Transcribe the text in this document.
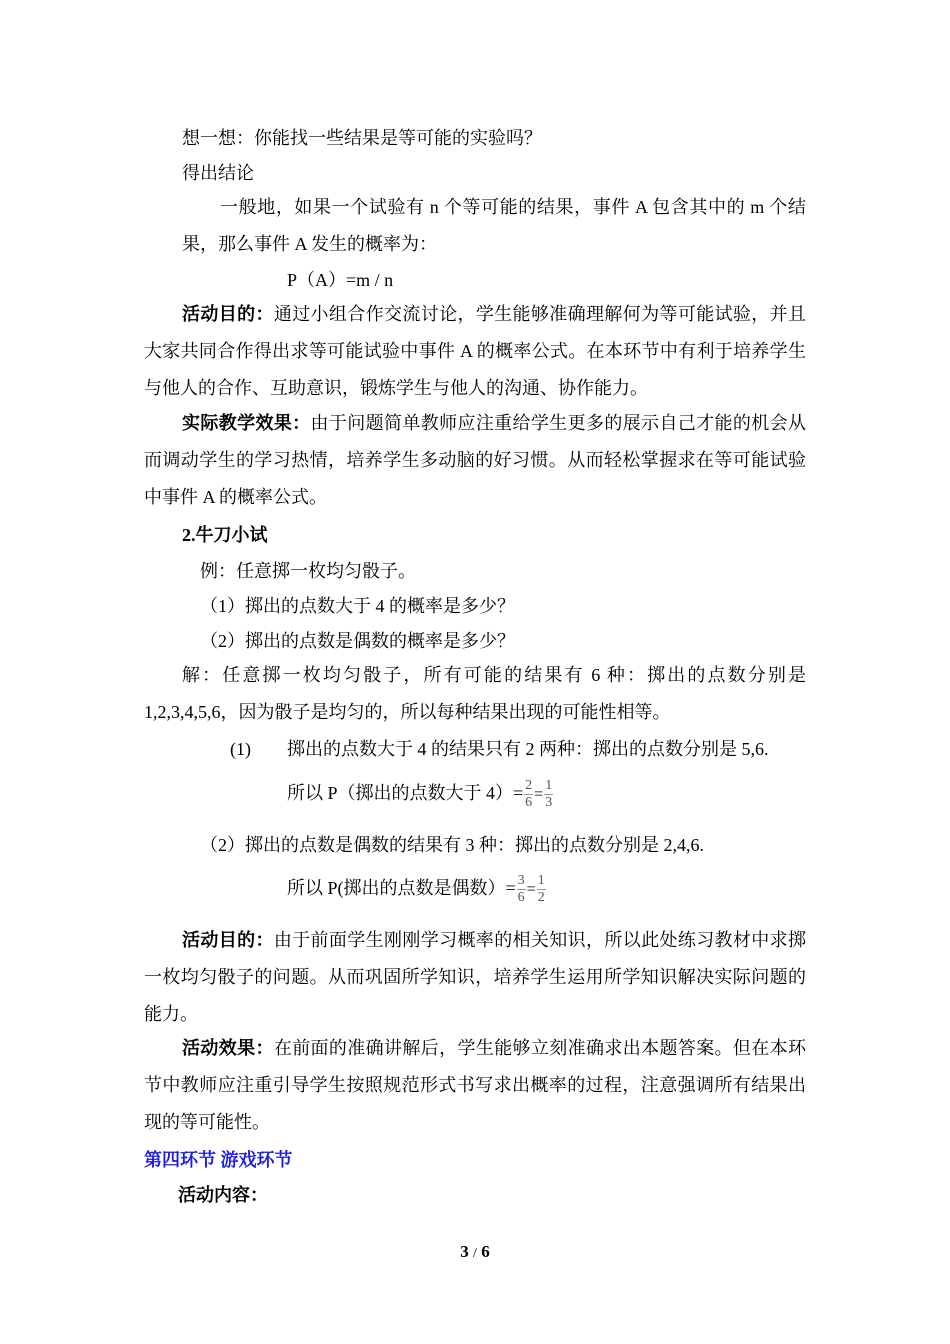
想一想：你能找一些结果是等可能的实验吗？
得出结论
一般地，如果一个试验有 n 个等可能的结果，事件 A 包含其中的 m 个结果，那么事件 A 发生的概率为：
P（A）=m / n
活动目的：通过小组合作交流讨论，学生能够准确理解何为等可能试验，并且大家共同合作得出求等可能试验中事件 A 的概率公式。在本环节中有利于培养学生与他人的合作、互助意识，锻炼学生与他人的沟通、协作能力。
实际教学效果：由于问题简单教师应注重给学生更多的展示自己才能的机会从而调动学生的学习热情，培养学生多动脑的好习惯。从而轻松掌握求在等可能试验中事件 A 的概率公式。
2.牛刀小试
例：任意掷一枚均匀骰子。
（1）掷出的点数大于 4 的概率是多少？
（2）掷出的点数是偶数的概率是多少？
解：任意掷一枚均匀骰子，所有可能的结果有 6 种：掷出的点数分别是 1,2,3,4,5,6，因为骰子是均匀的，所以每种结果出现的可能性相等。
(1) 掷出的点数大于 4 的结果只有 2 两种：掷出的点数分别是 5,6.
所以 P（掷出的点数大于 $4)= \frac{2}{6} = \frac{1}{3}$
（2）掷出的点数是偶数的结果有 3 种：掷出的点数分别是 2,4,6.
所以 P(掷出的点数是偶数）= $\frac{3}{6} = \frac{1}{2}$
活动目的：由于前面学生刚刚学习概率的相关知识，所以此处练习教材中求掷一枚均匀骰子的问题。从而巩固所学知识，培养学生运用所学知识解决实际问题的能力。
活动效果：在前面的准确讲解后，学生能够立刻准确求出本题答案。但在本环节中教师应注重引导学生按照规范形式书写求出概率的过程，注意强调所有结果出现的等可能性。
第四环节 游戏环节
活动内容：
3 / 6
